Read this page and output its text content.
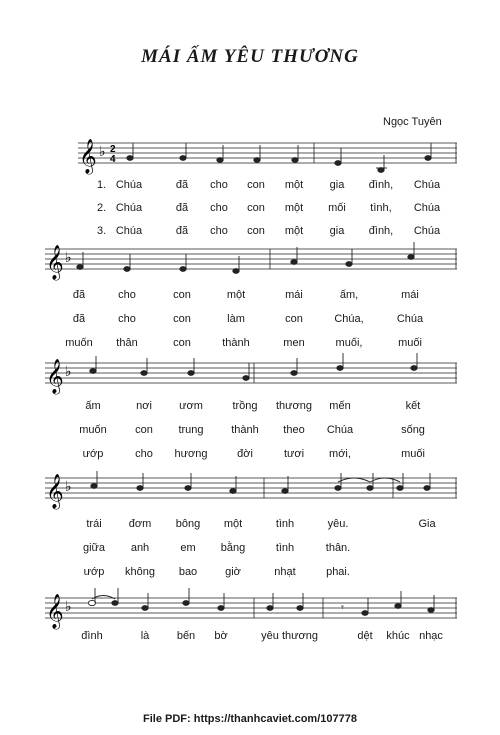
MÁI ẤM YÊU THƯƠNG
Ngọc Tuyên
𝄞 ♭ 2
4
1.
2.
3.
Chúa	đã cho con một gia đình, Chúa
Chúa	đã cho con một mối tình, Chúa
Chúa	đã cho con một gia đình, Chúa
𝄞 ♭
đã	cho	con	một	mái	ấm,	mái
đã	cho	con	làm	con	Chúa,	Chúa
muốn thân	con	thành	men	muối,	muối
𝄞 ♭
ấm	nơi ươm	trồng thương mến	kết
muốn	con trung	thành theo Chúa	sống
ướp	cho hương	đời	tươi mới,	muối
𝄞 ♭
trái đơm bông một	tình	yêu.	Gia
giữa anh	em bằng	tình	thân.
ướp không bao	giờ	nhạt	phai.
𝄞 ♭	𝄾
đình	là	bến bờ	yêu thương	dệt khúc nhạc
File PDF: https://thanhcaviet.com/107778
